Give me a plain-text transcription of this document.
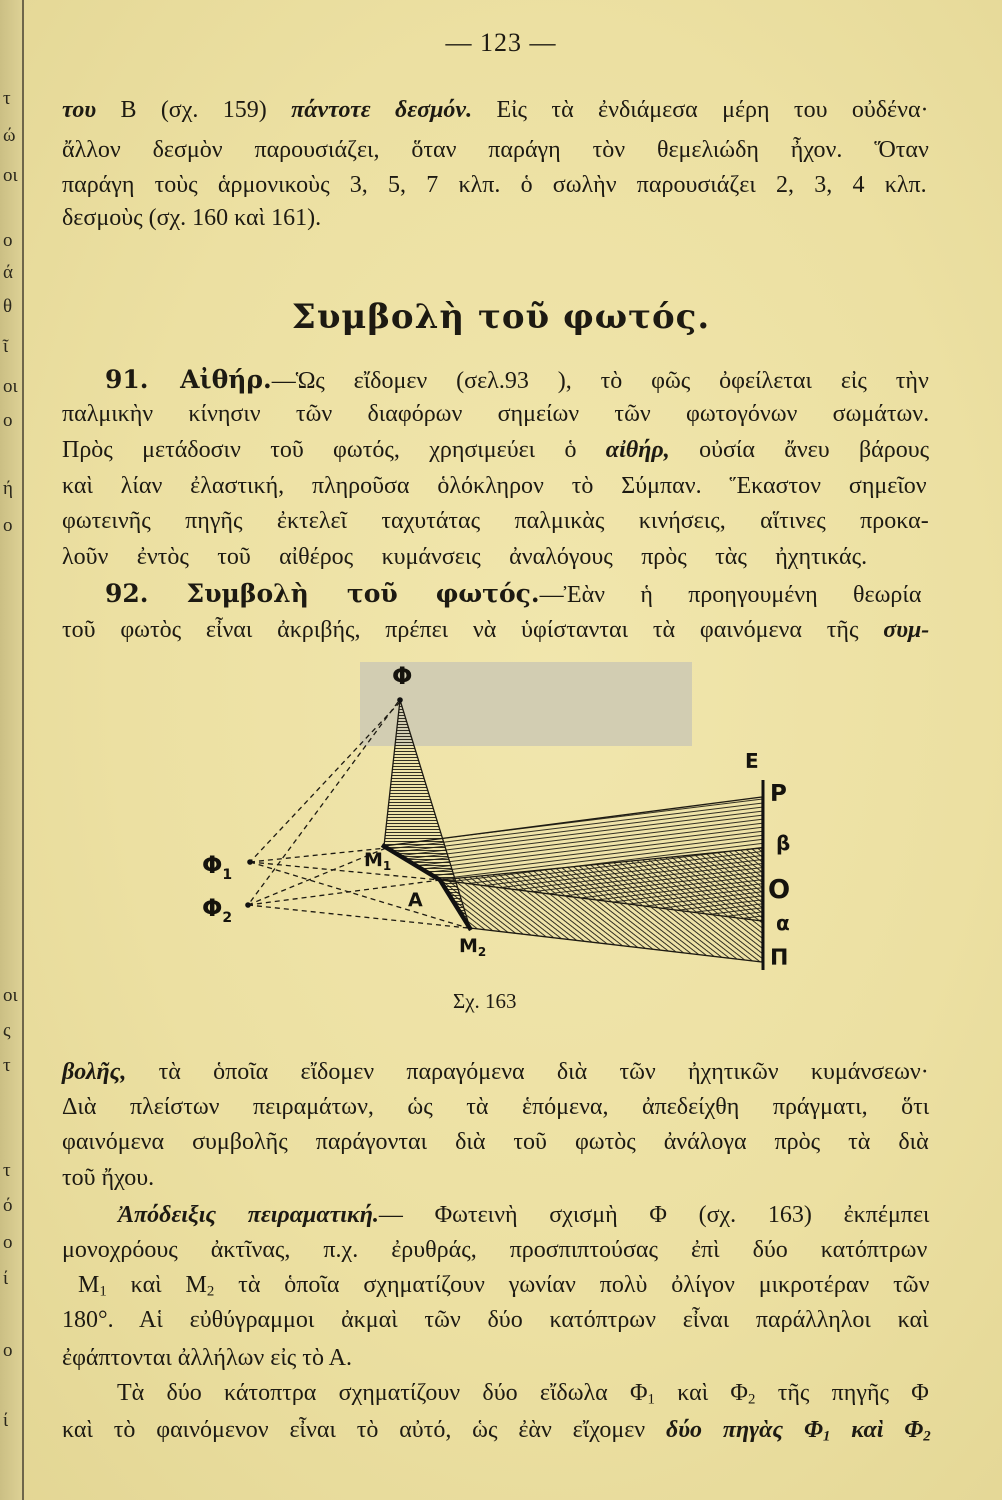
τ
ώ
οι
ο
ά
θ
ῖ
οι
ο
ή
ο
οι
ς
τ
τ
ό
ο
ί
ο
ί
— 123 —
του Β (σχ. 159) πάντοτε δεσμόν. Εἰς τὰ ἐνδιάμεσα μέρη του οὐδένα·
ἄλλον δεσμὸν παρουσιάζει, ὅταν παράγη τὸν θεμελιώδη ἦχον. Ὅταν
παράγη τοὺς ἁρμονικοὺς 3, 5, 7 κλπ. ὁ σωλὴν παρουσιάζει 2, 3, 4 κλπ.
δεσμοὺς (σχ. 160 καὶ 161).
Συμβολὴ τοῦ φωτός.
91. Αἰθήρ.—Ὡς εἴδομεν (σελ.93 ), τὸ φῶς ὀφείλεται εἰς τὴν
παλμικὴν κίνησιν τῶν διαφόρων σημείων τῶν φωτογόνων σωμάτων.
Πρὸς μετάδοσιν τοῦ φωτός, χρησιμεύει ὁ αἰθήρ, οὐσία ἄνευ βάρους
καὶ λίαν ἐλαστική, πληροῦσα ὁλόκληρον τὸ Σύμπαν. Ἕκαστον σημεῖον
φωτεινῆς πηγῆς ἐκτελεῖ ταχυτάτας παλμικὰς κινήσεις, αἵτινες προκα-
λοῦν ἐντὸς τοῦ αἰθέρος κυμάνσεις ἀναλόγους πρὸς τὰς ἠχητικάς.
92. Συμβολὴ τοῦ φωτός.—Ἐὰν ἡ προηγουμένη θεωρία
τοῦ φωτὸς εἶναι ἀκριβής, πρέπει νὰ ὑφίστανται τὰ φαινόμενα τῆς συμ-
Φ
$\Phi_1$
$\Phi_2$
$M_1$
$M_2$
Α
Ε
Ρ
β
Ο
α
Π
Σχ. 163
βολῆς, τὰ ὁποῖα εἴδομεν παραγόμενα διὰ τῶν ἠχητικῶν κυμάνσεων·
Διὰ πλείστων πειραμάτων, ὡς τὰ ἑπόμενα, ἀπεδείχθη πράγματι, ὅτι
φαινόμενα συμβολῆς παράγονται διὰ τοῦ φωτὸς ἀνάλογα πρὸς τὰ διὰ
τοῦ ἤχου.
Ἀπόδειξις πειραματική.— Φωτεινὴ σχισμὴ Φ (σχ. 163) ἐκπέμπει
μονοχρόους ἀκτῖνας, π.χ. ἐρυθράς, προσπιπτούσας ἐπὶ δύο κατόπτρων
$M_1$ καὶ $M_2$ τὰ ὁποῖα σχηματίζουν γωνίαν πολὺ ὀλίγον μικροτέραν τῶν
180°. Αἱ εὐθύγραμμοι ἀκμαὶ τῶν δύο κατόπτρων εἶναι παράλληλοι καὶ
ἐφάπτονται ἀλλήλων εἰς τὸ Α.
Τὰ δύο κάτοπτρα σχηματίζουν δύο εἴδωλα $\Phi_1$ καὶ $\Phi_2$ τῆς πηγῆς Φ
καὶ τὸ φαινόμενον εἶναι τὸ αὐτό, ὡς ἐὰν εἴχομεν δύο πηγὰς $\Phi_1$ καὶ $\Phi_2$
